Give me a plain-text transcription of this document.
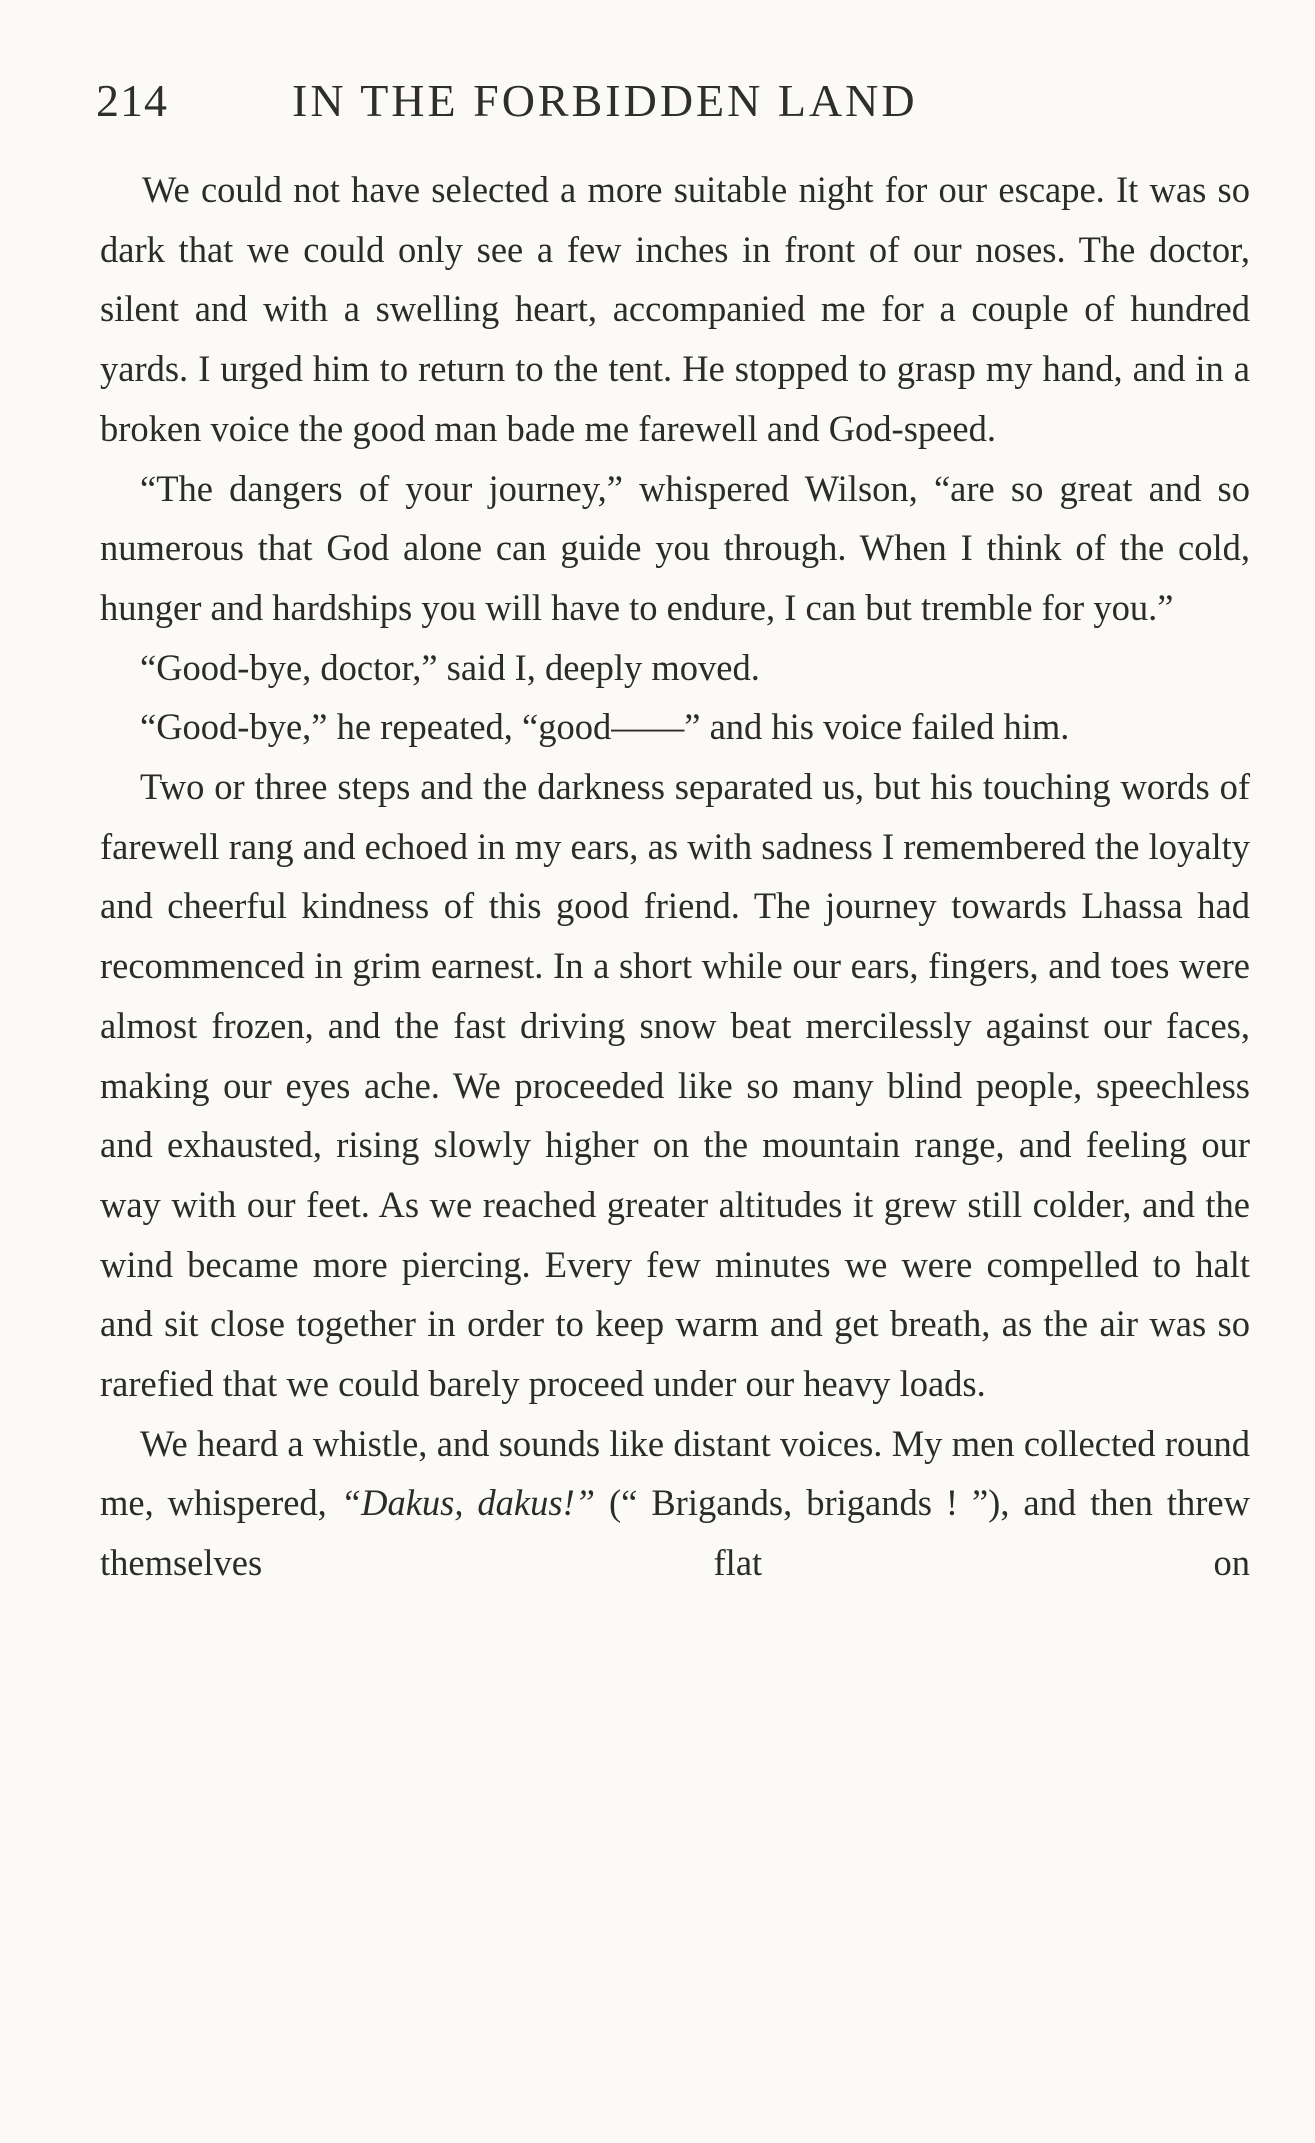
214	IN THE FORBIDDEN LAND

We could not have selected a more suitable night for our escape. It was so dark that we could only see a few inches in front of our noses. The doctor, silent and with a swelling heart, accompanied me for a couple of hundred yards. I urged him to return to the tent. He stopped to grasp my hand, and in a broken voice the good man bade me farewell and God-speed.

“The dangers of your journey,” whispered Wilson, “are so great and so numerous that God alone can guide you through. When I think of the cold, hunger and hardships you will have to endure, I can but tremble for you.”

“Good-bye, doctor,” said I, deeply moved.

“Good-bye,” he repeated, “good——” and his voice failed him.

Two or three steps and the darkness separated us, but his touching words of farewell rang and echoed in my ears, as with sadness I remembered the loyalty and cheerful kindness of this good friend. The journey towards Lhassa had recommenced in grim earnest. In a short while our ears, fingers, and toes were almost frozen, and the fast driving snow beat mercilessly against our faces, making our eyes ache. We proceeded like so many blind people, speechless and exhausted, rising slowly higher on the mountain range, and feeling our way with our feet. As we reached greater altitudes it grew still colder, and the wind became more piercing. Every few minutes we were compelled to halt and sit close together in order to keep warm and get breath, as the air was so rarefied that we could barely proceed under our heavy loads.

We heard a whistle, and sounds like distant voices. My men collected round me, whispered, “Dakus, dakus!” (“ Brigands, brigands ! ”), and then threw themselves flat on
